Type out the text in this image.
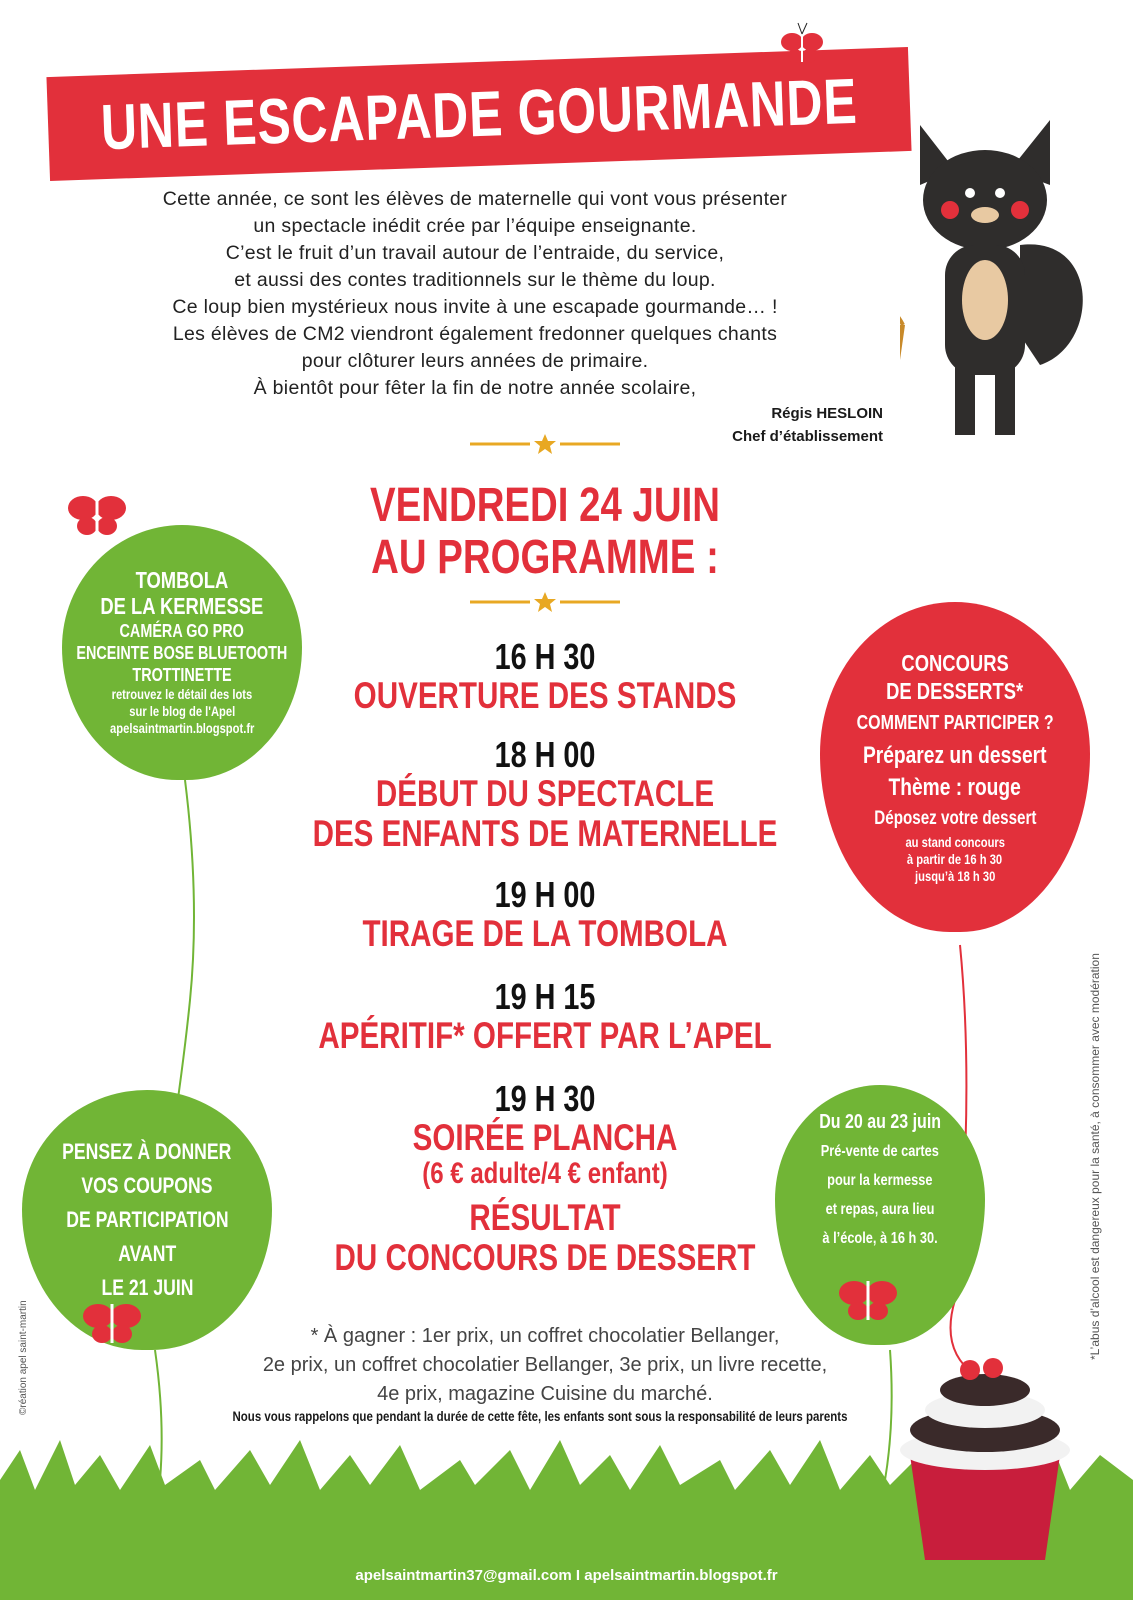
UNE ESCAPADE GOURMANDE
Cette année, ce sont les élèves de maternelle qui vont vous présenter
un spectacle inédit crée par l’équipe enseignante.
C’est le fruit d’un travail autour de l’entraide, du service,
et aussi des contes traditionnels sur le thème du loup.
Ce loup bien mystérieux nous invite à une escapade gourmande… !
Les élèves de CM2 viendront également fredonner quelques chants
pour clôturer leurs années de primaire.
À bientôt pour fêter la fin de notre année scolaire,
Régis HESLOIN
Chef d’établissement
VENDREDI 24 JUIN
AU PROGRAMME :
16 H 30
OUVERTURE DES STANDS
18 H 00
DÉBUT DU SPECTACLE
DES ENFANTS DE MATERNELLE
19 H 00
TIRAGE DE LA TOMBOLA
19 H 15
APÉRITIF* OFFERT PAR L’APEL
19 H 30
SOIRÉE PLANCHA
(6 € adulte/4 € enfant)
RÉSULTAT
DU CONCOURS DE DESSERT
TOMBOLA
DE LA KERMESSE
CAMÉRA GO PRO
ENCEINTE BOSE BLUETOOTH
TROTTINETTE
retrouvez le détail des lots
sur le blog de l'Apel
apelsaintmartin.blogspot.fr
CONCOURS
DE DESSERTS*
COMMENT PARTICIPER ?
Préparez un dessert
Thème : rouge
Déposez votre dessert
au stand concours
à partir de 16 h 30
jusqu’à 18 h 30
PENSEZ À DONNER
VOS COUPONS
DE PARTICIPATION
AVANT
LE 21 JUIN
Du 20 au 23 juin
Pré-vente de cartes
pour la kermesse
et repas, aura lieu
à l’école, à 16 h 30.
* À gagner : 1er prix, un coffret chocolatier Bellanger,
2e prix, un coffret chocolatier Bellanger, 3e prix, un livre recette,
4e prix, magazine Cuisine du marché.
Nous vous rappelons que pendant la durée de cette fête, les enfants sont sous la responsabilité de leurs parents
apelsaintmartin37@gmail.com I apelsaintmartin.blogspot.fr
*L’abus d’alcool est dangereux pour la santé, à consommer avec modération
©réation apel saint-martin
